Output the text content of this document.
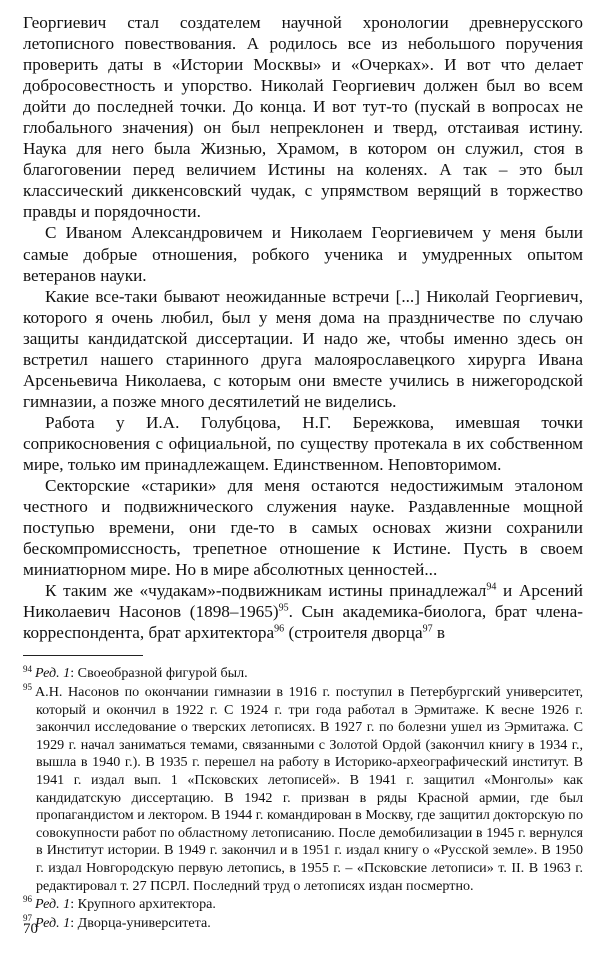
Георгиевич стал создателем научной хронологии древнерусского летописного повествования. А родилось все из небольшого поручения проверить даты в «Истории Москвы» и «Очерках». И вот что делает добросовестность и упорство. Николай Георгиевич должен был во всем дойти до последней точки. До конца. И вот тут-то (пускай в вопросах не глобального значения) он был непреклонен и тверд, отстаивая истину. Наука для него была Жизнью, Храмом, в котором он служил, стоя в благоговении перед величием Истины на коленях. А так – это был классический диккенсовский чудак, с упрямством верящий в торжество правды и порядочности.

С Иваном Александровичем и Николаем Георгиевичем у меня были самые добрые отношения, робкого ученика и умудренных опытом ветеранов науки.

Какие все-таки бывают неожиданные встречи [...] Николай Георгиевич, которого я очень любил, был у меня дома на праздничестве по случаю защиты кандидатской диссертации. И надо же, чтобы именно здесь он встретил нашего старинного друга малоярославецкого хирурга Ивана Арсеньевича Николаева, с которым они вместе учились в нижегородской гимназии, а позже много десятилетий не виделись.

Работа у И.А. Голубцова, Н.Г. Бережкова, имевшая точки соприкосновения с официальной, по существу протекала в их собственном мире, только им принадлежащем. Единственном. Неповторимом.

Секторские «старики» для меня остаются недостижимым эталоном честного и подвижнического служения науке. Раздавленные мощной поступью времени, они где-то в самых основах жизни сохранили бескомпромиссность, трепетное отношение к Истине. Пусть в своем миниатюрном мире. Но в мире абсолютных ценностей...

К таким же «чудакам»-подвижникам истины принадлежал$^{94}$ и Арсений Николаевич Насонов (1898–1965)$^{95}$. Сын академика-биолога, брат члена-корреспондента, брат архитектора$^{96}$ (строителя дворца$^{97}$ в

$^{94}$ Ред. 1: Своеобразной фигурой был.

$^{95}$ А.Н. Насонов по окончании гимназии в 1916 г. поступил в Петербургский университет, который и окончил в 1922 г. С 1924 г. три года работал в Эрмитаже. К весне 1926 г. закончил исследование о тверских летописях. В 1927 г. по болезни ушел из Эрмитажа. С 1929 г. начал заниматься темами, связанными с Золотой Ордой (закончил книгу в 1934 г., вышла в 1940 г.). В 1935 г. перешел на работу в Историко-археографический институт. В 1941 г. издал вып. 1 «Псковских летописей». В 1941 г. защитил «Монголы» как кандидатскую диссертацию. В 1942 г. призван в ряды Красной армии, где был пропагандистом и лектором. В 1944 г. командирован в Москву, где защитил докторскую по совокупности работ по областному летописанию. После демобилизации в 1945 г. вернулся в Институт истории. В 1949 г. закончил и в 1951 г. издал книгу о «Русской земле». В 1950 г. издал Новгородскую первую летопись, в 1955 г. – «Псковские летописи» т. II. В 1963 г. редактировал т. 27 ПСРЛ. Последний труд о летописях издан посмертно.

$^{96}$ Ред. 1: Крупного архитектора.

$^{97}$ Ред. 1: Дворца-университета.

70
